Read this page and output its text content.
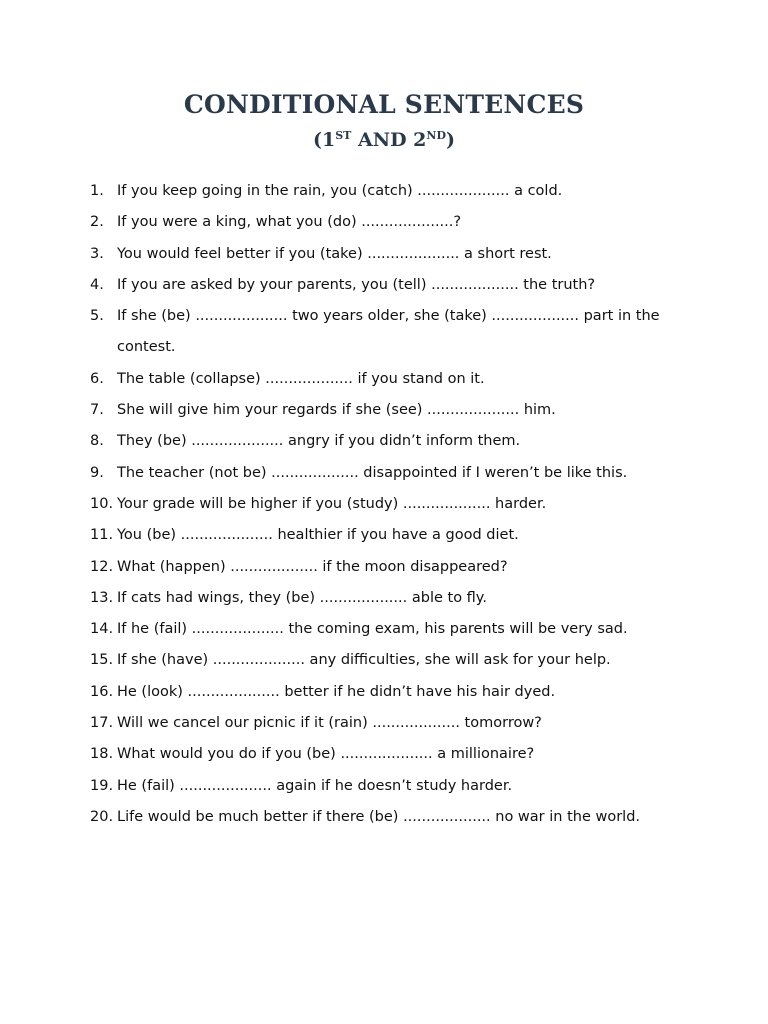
CONDITIONAL SENTENCES
(1ST AND 2ND)
1. If you keep going in the rain, you (catch) .................... a cold.
2. If you were a king, what you (do) ....................?
3. You would feel better if you (take) .................... a short rest.
4. If you are asked by your parents, you (tell) ................... the truth?
5. If she (be) .................... two years older, she (take) ................... part in the contest.
6. The table (collapse) ................... if you stand on it.
7. She will give him your regards if she (see) .................... him.
8. They (be) .................... angry if you didn’t inform them.
9. The teacher (not be) ................... disappointed if I weren’t be like this.
10. Your grade will be higher if you (study) ................... harder.
11. You (be) .................... healthier if you have a good diet.
12. What (happen) ................... if the moon disappeared?
13. If cats had wings, they (be) ................... able to fly.
14. If he (fail) .................... the coming exam, his parents will be very sad.
15. If she (have) .................... any difficulties, she will ask for your help.
16. He (look) .................... better if he didn’t have his hair dyed.
17. Will we cancel our picnic if it (rain) ................... tomorrow?
18. What would you do if you (be) .................... a millionaire?
19. He (fail) .................... again if he doesn’t study harder.
20. Life would be much better if there (be) ................... no war in the world.
